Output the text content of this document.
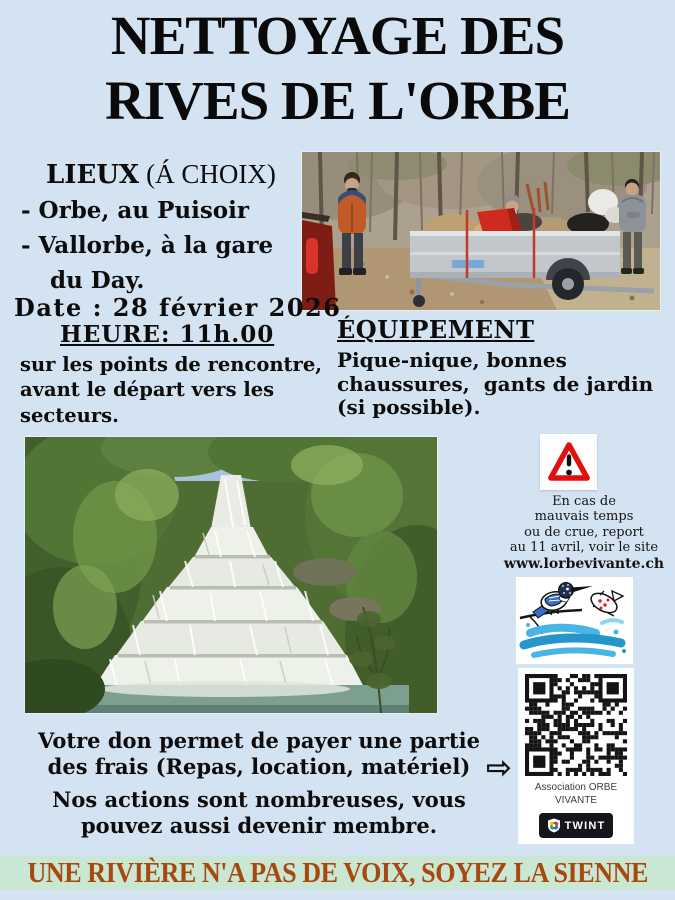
NETTOYAGE DES
RIVES DE L'ORBE
LIEUX (Á CHOIX)
- Orbe, au Puisoir
- Vallorbe, à la gare
du Day.
Date : 28 février 2026
HEURE: 11h.00
sur les points de rencontre,
avant le départ vers les
secteurs.
ÉQUIPEMENT
Pique-nique, bonnes
chaussures,  gants de jardin
(si possible).
En cas de
mauvais temps
ou de crue, report
au 11 avril, voir le site
www.lorbevivante.ch
Association ORBE
VIVANTE
TWINT
Votre don permet de payer une partie
des frais (Repas, location, matériel)
Nos actions sont nombreuses, vous
pouvez aussi devenir membre.
⇨
UNE RIVIÈRE N'A PAS DE VOIX, SOYEZ LA SIENNE
